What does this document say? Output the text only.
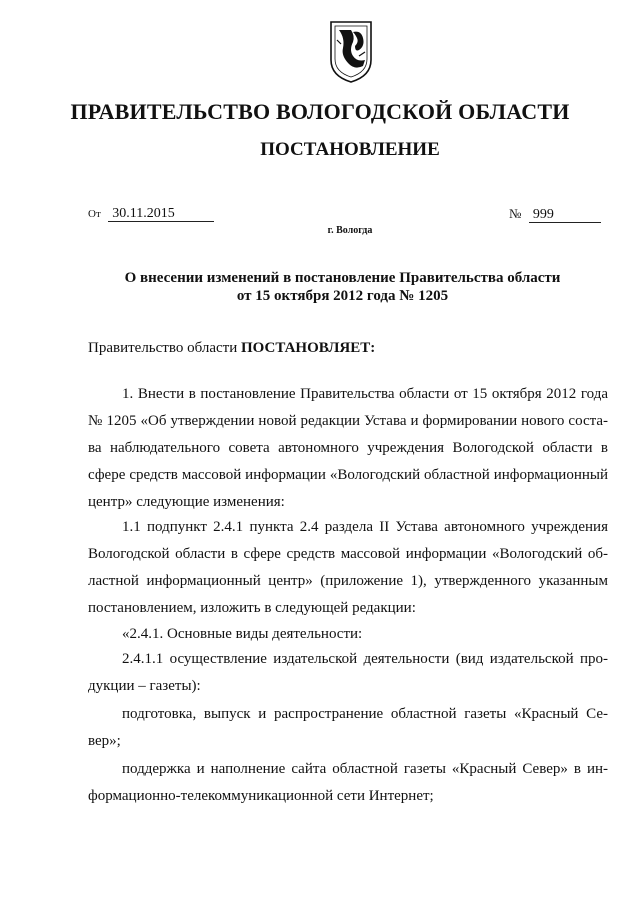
ПРАВИТЕЛЬСТВО ВОЛОГОДСКОЙ ОБЛАСТИ
ПОСТАНОВЛЕНИЕ
От 30.11.2015	№ 999
г. Вологда
О внесении изменений в постановление Правительства области
от 15 октября 2012 года № 1205
Правительство области ПОСТАНОВЛЯЕТ:
1. Внести в постановление Правительства области от 15 октября 2012 года
№ 1205 «Об утверждении новой редакции Устава и формировании нового соста-
ва наблюдательного совета автономного учреждения Вологодской области в
сфере средств массовой информации «Вологодский областной информационный
центр» следующие изменения:
1.1 подпункт 2.4.1 пункта 2.4 раздела II Устава автономного учреждения
Вологодской области в сфере средств массовой информации «Вологодский об-
ластной информационный центр» (приложение 1), утвержденного указанным
постановлением, изложить в следующей редакции:
«2.4.1. Основные виды деятельности:
2.4.1.1 осуществление издательской деятельности (вид издательской про-
дукции – газеты):
подготовка, выпуск и распространение областной газеты «Красный Се-
вер»;
поддержка и наполнение сайта областной газеты «Красный Север» в ин-
формационно-телекоммуникационной сети Интернет;
